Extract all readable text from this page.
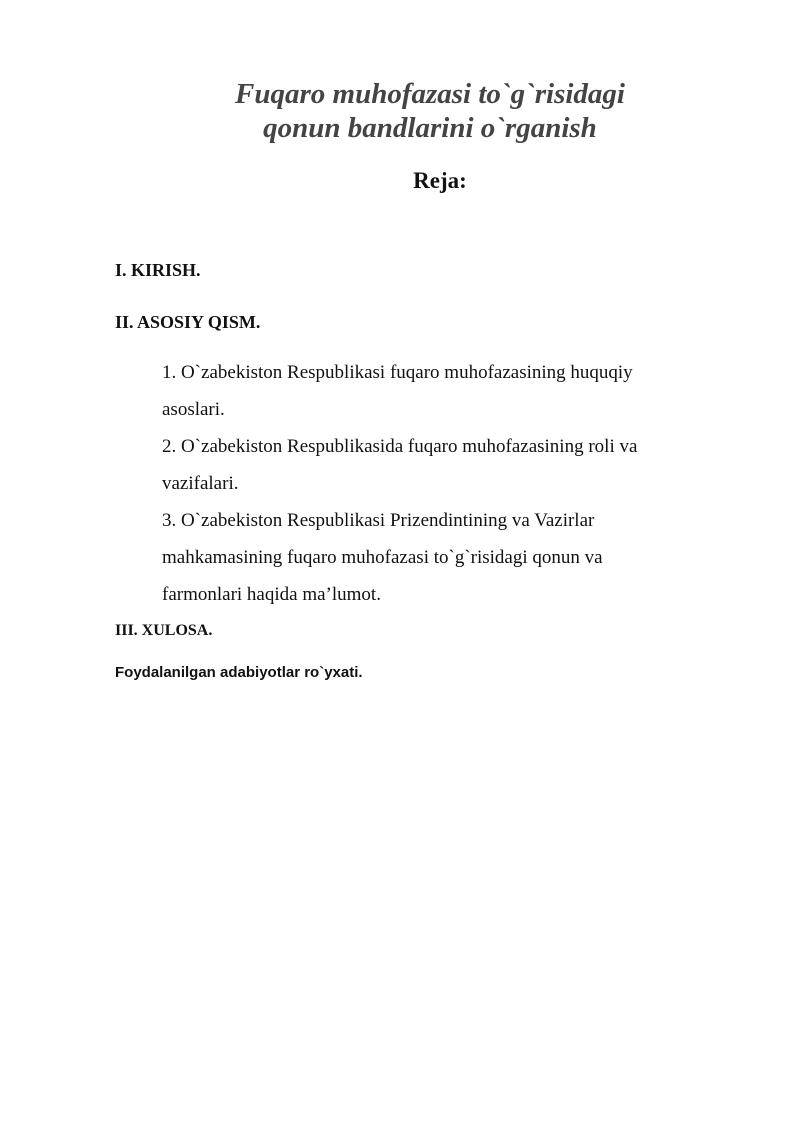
Fuqaro muhofazasi to`g`risidagi
qonun bandlarini o`rganish
Reja:
I. KIRISH.
II. ASOSIY QISM.
1. O`zabekiston Respublikasi fuqaro muhofazasining huquqiy
asoslari.
2. O`zabekiston Respublikasida fuqaro muhofazasining roli va
vazifalari.
3. O`zabekiston Respublikasi Prizendintining va Vazirlar
mahkamasining fuqaro muhofazasi to`g`risidagi qonun va
farmonlari haqida ma’lumot.
III. XULOSA.
Foydalanilgan adabiyotlar ro`yxati.
